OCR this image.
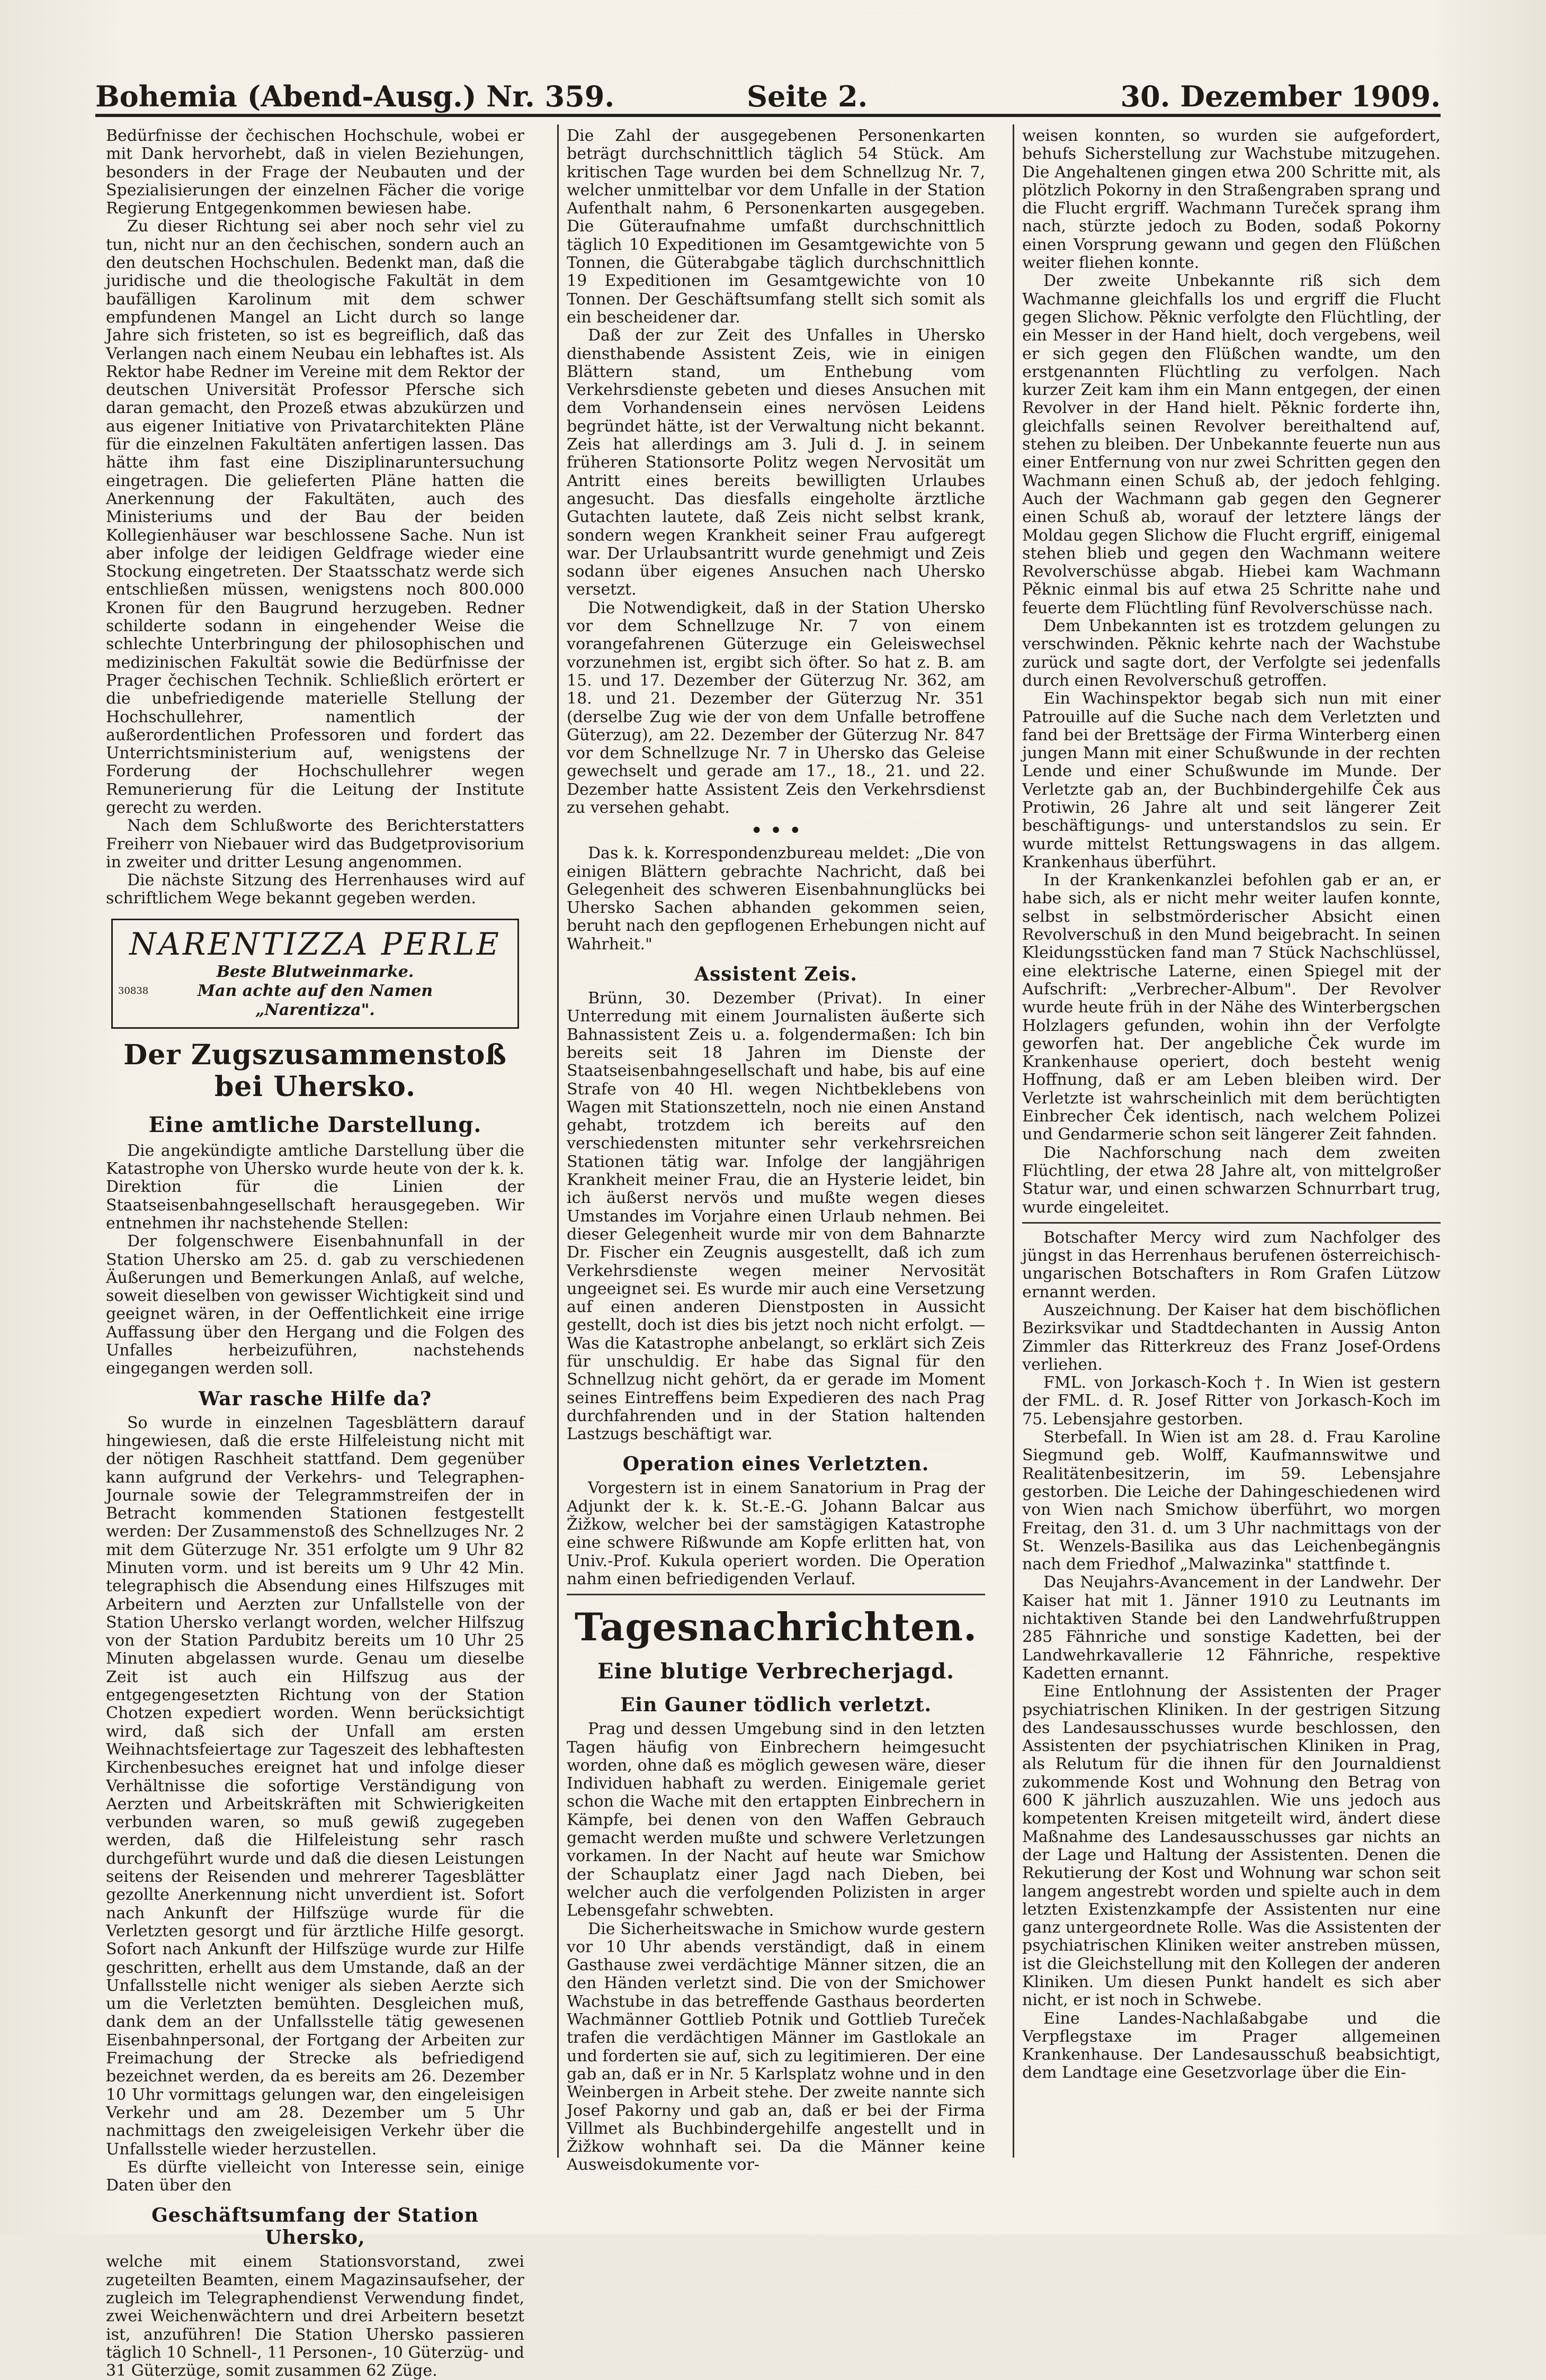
Bohemia (Abend-Ausg.) Nr. 359.	Seite 2.	30. Dezember 1909.

Bedürfnisse der čechischen Hochschule, wobei er mit Dank hervorhebt, daß in vielen Beziehungen, besonders in der Frage der Neubauten und der Spezialisierungen der einzelnen Fächer die vorige Regierung Entgegenkommen bewiesen habe.

Zu dieser Richtung sei aber noch sehr viel zu tun, nicht nur an den čechischen, sondern auch an den deutschen Hochschulen. Bedenkt man, daß die juridische und die theologische Fakultät in dem baufälligen Karolinum mit dem schwer empfundenen Mangel an Licht durch so lange Jahre sich fristeten, so ist es begreiflich, daß das Verlangen nach einem Neubau ein lebhaftes ist. Als Rektor habe Redner im Vereine mit dem Rektor der deutschen Universität Professor Pfersche sich daran gemacht, den Prozeß etwas abzukürzen und aus eigener Initiative von Privatarchitekten Pläne für die einzelnen Fakultäten anfertigen lassen. Das hätte ihm fast eine Disziplinaruntersuchung eingetragen. Die gelieferten Pläne hatten die Anerkennung der Fakultäten, auch des Ministeriums und der Bau der beiden Kollegienhäuser war beschlossene Sache. Nun ist aber infolge der leidigen Geldfrage wieder eine Stockung eingetreten. Der Staatsschatz werde sich entschließen müssen, wenigstens noch 800.000 Kronen für den Baugrund herzugeben. Redner schilderte sodann in eingehender Weise die schlechte Unterbringung der philosophischen und medizinischen Fakultät sowie die Bedürfnisse der Prager čechischen Technik. Schließlich erörtert er die unbefriedigende materielle Stellung der Hochschullehrer, namentlich der außerordentlichen Professoren und fordert das Unterrichtsministerium auf, wenigstens der Forderung der Hochschullehrer wegen Remunerierung für die Leitung der Institute gerecht zu werden.

Nach dem Schlußworte des Berichterstatters Freiherr von Niebauer wird das Budgetprovisorium in zweiter und dritter Lesung angenommen.

Die nächste Sitzung des Herrenhauses wird auf schriftlichem Wege bekannt gegeben werden.

NARENTIZZA PERLE
Beste Blutweinmarke.
Man achte auf den Namen
„Narentizza".
30838
Der Zugszusammenstoß bei Uhersko.
Eine amtliche Darstellung.

Die angekündigte amtliche Darstellung über die Katastrophe von Uhersko wurde heute von der k. k. Direktion für die Linien der Staatseisenbahngesellschaft herausgegeben. Wir entnehmen ihr nachstehende Stellen:

Der folgenschwere Eisenbahnunfall in der Station Uhersko am 25. d. gab zu verschiedenen Äußerungen und Bemerkungen Anlaß, auf welche, soweit dieselben von gewisser Wichtigkeit sind und geeignet wären, in der Oeffentlichkeit eine irrige Auffassung über den Hergang und die Folgen des Unfalles herbeizuführen, nachstehends eingegangen werden soll.

War rasche Hilfe da?

So wurde in einzelnen Tagesblättern darauf hingewiesen, daß die erste Hilfeleistung nicht mit der nötigen Raschheit stattfand. Dem gegenüber kann aufgrund der Verkehrs- und Telegraphen-Journale sowie der Telegrammstreifen der in Betracht kommenden Stationen festgestellt werden: Der Zusammenstoß des Schnellzuges Nr. 2 mit dem Güterzuge Nr. 351 erfolgte um 9 Uhr 82 Minuten vorm. und ist bereits um 9 Uhr 42 Min. telegraphisch die Absendung eines Hilfszuges mit Arbeitern und Aerzten zur Unfallstelle von der Station Uhersko verlangt worden, welcher Hilfszug von der Station Pardubitz bereits um 10 Uhr 25 Minuten abgelassen wurde. Genau um dieselbe Zeit ist auch ein Hilfszug aus der entgegengesetzten Richtung von der Station Chotzen expediert worden. Wenn berücksichtigt wird, daß sich der Unfall am ersten Weihnachtsfeiertage zur Tageszeit des lebhaftesten Kirchenbesuches ereignet hat und infolge dieser Verhältnisse die sofortige Verständigung von Aerzten und Arbeitskräften mit Schwierigkeiten verbunden waren, so muß gewiß zugegeben werden, daß die Hilfeleistung sehr rasch durchgeführt wurde und daß die diesen Leistungen seitens der Reisenden und mehrerer Tagesblätter gezollte Anerkennung nicht unverdient ist. Sofort nach Ankunft der Hilfszüge wurde für die Verletzten gesorgt und für ärztliche Hilfe gesorgt. Sofort nach Ankunft der Hilfszüge wurde zur Hilfe geschritten, erhellt aus dem Umstande, daß an der Unfallsstelle nicht weniger als sieben Aerzte sich um die Verletzten bemühten. Desgleichen muß, dank dem an der Unfallsstelle tätig gewesenen Eisenbahnpersonal, der Fortgang der Arbeiten zur Freimachung der Strecke als befriedigend bezeichnet werden, da es bereits am 26. Dezember 10 Uhr vormittags gelungen war, den eingeleisigen Verkehr und am 28. Dezember um 5 Uhr nachmittags den zweigeleisigen Verkehr über die Unfallsstelle wieder herzustellen.

Es dürfte vielleicht von Interesse sein, einige Daten über den

Geschäftsumfang der Station Uhersko,

welche mit einem Stationsvorstand, zwei zugeteilten Beamten, einem Magazinsaufseher, der zugleich im Telegraphendienst Verwendung findet, zwei Weichenwächtern und drei Arbeitern besetzt ist, anzuführen! Die Station Uhersko passieren täglich 10 Schnell-, 11 Personen-, 10 Güterzüg- und 31 Güterzüge, somit zusammen 62 Züge.

Die Zahl der ausgegebenen Personenkarten beträgt durchschnittlich täglich 54 Stück. Am kritischen Tage wurden bei dem Schnellzug Nr. 7, welcher unmittelbar vor dem Unfalle in der Station Aufenthalt nahm, 6 Personenkarten ausgegeben. Die Güteraufnahme umfaßt durchschnittlich täglich 10 Expeditionen im Gesamtgewichte von 5 Tonnen, die Güterabgabe täglich durchschnittlich 19 Expeditionen im Gesamtgewichte von 10 Tonnen. Der Geschäftsumfang stellt sich somit als ein bescheidener dar.

Daß der zur Zeit des Unfalles in Uhersko diensthabende Assistent Zeis, wie in einigen Blättern stand, um Enthebung vom Verkehrsdienste gebeten und dieses Ansuchen mit dem Vorhandensein eines nervösen Leidens begründet hätte, ist der Verwaltung nicht bekannt. Zeis hat allerdings am 3. Juli d. J. in seinem früheren Stationsorte Politz wegen Nervosität um Antritt eines bereits bewilligten Urlaubes angesucht. Das diesfalls eingeholte ärztliche Gutachten lautete, daß Zeis nicht selbst krank, sondern wegen Krankheit seiner Frau aufgeregt war. Der Urlaubsantritt wurde genehmigt und Zeis sodann über eigenes Ansuchen nach Uhersko versetzt.

Die Notwendigkeit, daß in der Station Uhersko vor dem Schnellzuge Nr. 7 von einem vorangefahrenen Güterzuge ein Geleiswechsel vorzunehmen ist, ergibt sich öfter. So hat z. B. am 15. und 17. Dezember der Güterzug Nr. 362, am 18. und 21. Dezember der Güterzug Nr. 351 (derselbe Zug wie der von dem Unfalle betroffene Güterzug), am 22. Dezember der Güterzug Nr. 847 vor dem Schnellzuge Nr. 7 in Uhersko das Geleise gewechselt und gerade am 17., 18., 21. und 22. Dezember hatte Assistent Zeis den Verkehrsdienst zu versehen gehabt.

• • •

Das k. k. Korrespondenzbureau meldet: „Die von einigen Blättern gebrachte Nachricht, daß bei Gelegenheit des schweren Eisenbahnunglücks bei Uhersko Sachen abhanden gekommen seien, beruht nach den gepflogenen Erhebungen nicht auf Wahrheit."

Assistent Zeis.

Brünn, 30. Dezember (Privat). In einer Unterredung mit einem Journalisten äußerte sich Bahnassistent Zeis u. a. folgendermaßen: Ich bin bereits seit 18 Jahren im Dienste der Staatseisenbahngesellschaft und habe, bis auf eine Strafe von 40 Hl. wegen Nichtbeklebens von Wagen mit Stationszetteln, noch nie einen Anstand gehabt, trotzdem ich bereits auf den verschiedensten mitunter sehr verkehrsreichen Stationen tätig war. Infolge der langjährigen Krankheit meiner Frau, die an Hysterie leidet, bin ich äußerst nervös und mußte wegen dieses Umstandes im Vorjahre einen Urlaub nehmen. Bei dieser Gelegenheit wurde mir von dem Bahnarzte Dr. Fischer ein Zeugnis ausgestellt, daß ich zum Verkehrsdienste wegen meiner Nervosität ungeeignet sei. Es wurde mir auch eine Versetzung auf einen anderen Dienstposten in Aussicht gestellt, doch ist dies bis jetzt noch nicht erfolgt. — Was die Katastrophe anbelangt, so erklärt sich Zeis für unschuldig. Er habe das Signal für den Schnellzug nicht gehört, da er gerade im Moment seines Eintreffens beim Expedieren des nach Prag durchfahrenden und in der Station haltenden Lastzugs beschäftigt war.

Operation eines Verletzten.

Vorgestern ist in einem Sanatorium in Prag der Adjunkt der k. k. St.-E.-G. Johann Balcar aus Žižkow, welcher bei der samstägigen Katastrophe eine schwere Rißwunde am Kopfe erlitten hat, von Univ.-Prof. Kukula operiert worden. Die Operation nahm einen befriedigenden Verlauf.

Tagesnachrichten.
Eine blutige Verbrecherjagd.
Ein Gauner tödlich verletzt.

Prag und dessen Umgebung sind in den letzten Tagen häufig von Einbrechern heimgesucht worden, ohne daß es möglich gewesen wäre, dieser Individuen habhaft zu werden. Einigemale geriet schon die Wache mit den ertappten Einbrechern in Kämpfe, bei denen von den Waffen Gebrauch gemacht werden mußte und schwere Verletzungen vorkamen. In der Nacht auf heute war Smichow der Schauplatz einer Jagd nach Dieben, bei welcher auch die verfolgenden Polizisten in arger Lebensgefahr schwebten.

Die Sicherheitswache in Smichow wurde gestern vor 10 Uhr abends verständigt, daß in einem Gasthause zwei verdächtige Männer sitzen, die an den Händen verletzt sind. Die von der Smichower Wachstube in das betreffende Gasthaus beorderten Wachmänner Gottlieb Potnik und Gottlieb Tureček trafen die verdächtigen Männer im Gastlokale an und forderten sie auf, sich zu legitimieren. Der eine gab an, daß er in Nr. 5 Karlsplatz wohne und in den Weinbergen in Arbeit stehe. Der zweite nannte sich Josef Pakorny und gab an, daß er bei der Firma Villmet als Buchbindergehilfe angestellt und in Žižkow wohnhaft sei. Da die Männer keine Ausweisdokumente vor-

weisen konnten, so wurden sie aufgefordert, behufs Sicherstellung zur Wachstube mitzugehen. Die Angehaltenen gingen etwa 200 Schritte mit, als plötzlich Pokorny in den Straßengraben sprang und die Flucht ergriff. Wachmann Tureček sprang ihm nach, stürzte jedoch zu Boden, sodaß Pokorny einen Vorsprung gewann und gegen den Flüßchen weiter fliehen konnte.

Der zweite Unbekannte riß sich dem Wachmanne gleichfalls los und ergriff die Flucht gegen Slichow. Pěknic verfolgte den Flüchtling, der ein Messer in der Hand hielt, doch vergebens, weil er sich gegen den Flüßchen wandte, um den erstgenannten Flüchtling zu verfolgen. Nach kurzer Zeit kam ihm ein Mann entgegen, der einen Revolver in der Hand hielt. Pěknic forderte ihn, gleichfalls seinen Revolver bereithaltend auf, stehen zu bleiben. Der Unbekannte feuerte nun aus einer Entfernung von nur zwei Schritten gegen den Wachmann einen Schuß ab, der jedoch fehlging. Auch der Wachmann gab gegen den Gegnerer einen Schuß ab, worauf der letztere längs der Moldau gegen Slichow die Flucht ergriff, einigemal stehen blieb und gegen den Wachmann weitere Revolverschüsse abgab. Hiebei kam Wachmann Pěknic einmal bis auf etwa 25 Schritte nahe und feuerte dem Flüchtling fünf Revolverschüsse nach.

Dem Unbekannten ist es trotzdem gelungen zu verschwinden. Pěknic kehrte nach der Wachstube zurück und sagte dort, der Verfolgte sei jedenfalls durch einen Revolverschuß getroffen.

Ein Wachinspektor begab sich nun mit einer Patrouille auf die Suche nach dem Verletzten und fand bei der Brettsäge der Firma Winterberg einen jungen Mann mit einer Schußwunde in der rechten Lende und einer Schußwunde im Munde. Der Verletzte gab an, der Buchbindergehilfe Ček aus Protiwin, 26 Jahre alt und seit längerer Zeit beschäftigungs- und unterstandslos zu sein. Er wurde mittelst Rettungswagens in das allgem. Krankenhaus überführt.

In der Krankenkanzlei befohlen gab er an, er habe sich, als er nicht mehr weiter laufen konnte, selbst in selbstmörderischer Absicht einen Revolverschuß in den Mund beigebracht. In seinen Kleidungsstücken fand man 7 Stück Nachschlüssel, eine elektrische Laterne, einen Spiegel mit der Aufschrift: „Verbrecher-Album". Der Revolver wurde heute früh in der Nähe des Winterbergschen Holzlagers gefunden, wohin ihn der Verfolgte geworfen hat. Der angebliche Ček wurde im Krankenhause operiert, doch besteht wenig Hoffnung, daß er am Leben bleiben wird. Der Verletzte ist wahrscheinlich mit dem berüchtigten Einbrecher Ček identisch, nach welchem Polizei und Gendarmerie schon seit längerer Zeit fahnden.

Die Nachforschung nach dem zweiten Flüchtling, der etwa 28 Jahre alt, von mittelgroßer Statur war, und einen schwarzen Schnurrbart trug, wurde eingeleitet.

Botschafter Mercy wird zum Nachfolger des jüngst in das Herrenhaus berufenen österreichisch-ungarischen Botschafters in Rom Grafen Lützow ernannt werden.

Auszeichnung. Der Kaiser hat dem bischöflichen Bezirksvikar und Stadtdechanten in Aussig Anton Zimmler das Ritterkreuz des Franz Josef-Ordens verliehen.

FML. von Jorkasch-Koch †. In Wien ist gestern der FML. d. R. Josef Ritter von Jorkasch-Koch im 75. Lebensjahre gestorben.

Sterbefall. In Wien ist am 28. d. Frau Karoline Siegmund geb. Wolff, Kaufmannswitwe und Realitätenbesitzerin, im 59. Lebensjahre gestorben. Die Leiche der Dahingeschiedenen wird von Wien nach Smichow überführt, wo morgen Freitag, den 31. d. um 3 Uhr nachmittags von der St. Wenzels-Basilika aus das Leichenbegängnis nach dem Friedhof „Malwazinka" stattfinde t.

Das Neujahrs-Avancement in der Landwehr. Der Kaiser hat mit 1. Jänner 1910 zu Leutnants im nichtaktiven Stande bei den Landwehrfußtruppen 285 Fähnriche und sonstige Kadetten, bei der Landwehrkavallerie 12 Fähnriche, respektive Kadetten ernannt.

Eine Entlohnung der Assistenten der Prager psychiatrischen Kliniken. In der gestrigen Sitzung des Landesausschusses wurde beschlossen, den Assistenten der psychiatrischen Kliniken in Prag, als Relutum für die ihnen für den Journaldienst zukommende Kost und Wohnung den Betrag von 600 K jährlich auszuzahlen. Wie uns jedoch aus kompetenten Kreisen mitgeteilt wird, ändert diese Maßnahme des Landesausschusses gar nichts an der Lage und Haltung der Assistenten. Denen die Rekutierung der Kost und Wohnung war schon seit langem angestrebt worden und spielte auch in dem letzten Existenzkampfe der Assistenten nur eine ganz untergeordnete Rolle. Was die Assistenten der psychiatrischen Kliniken weiter anstreben müssen, ist die Gleichstellung mit den Kollegen der anderen Kliniken. Um diesen Punkt handelt es sich aber nicht, er ist noch in Schwebe.

Eine Landes-Nachlaßabgabe und die Verpflegstaxe im Prager allgemeinen Krankenhause. Der Landesausschuß beabsichtigt, dem Landtage eine Gesetzvorlage über die Ein-
